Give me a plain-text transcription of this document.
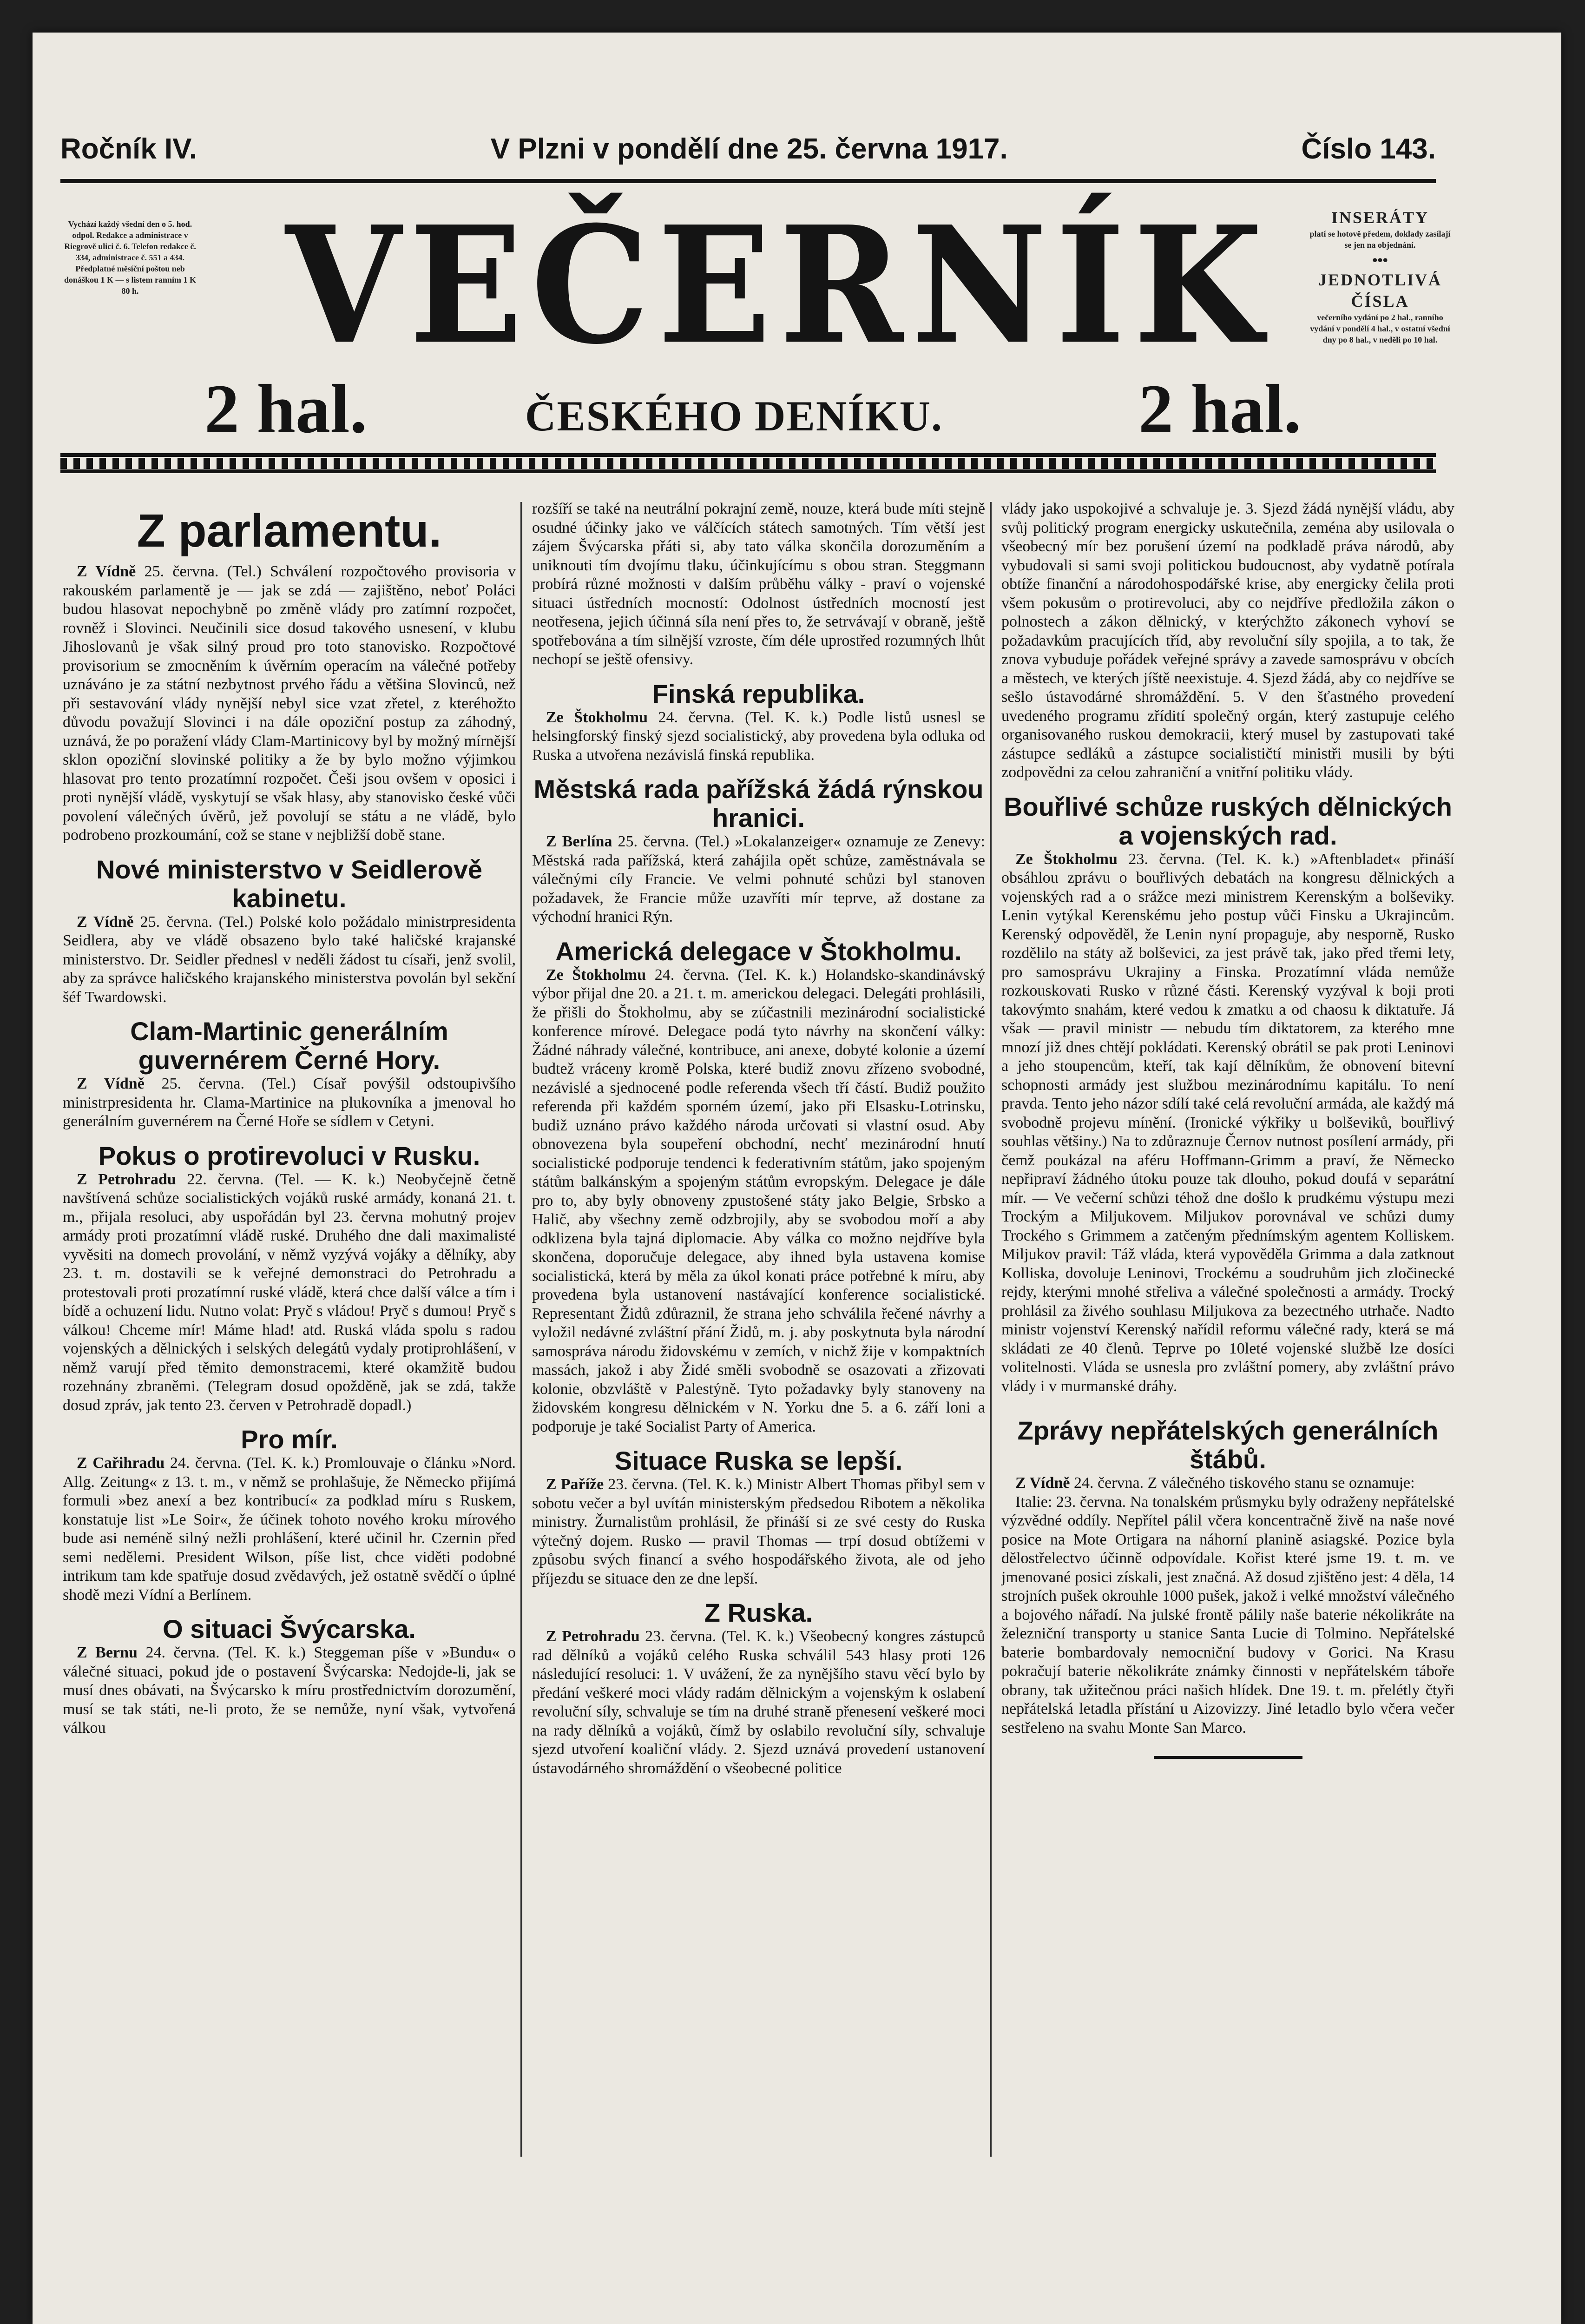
Ročník IV.	V Plzni v pondělí dne 25. června 1917.	Číslo 143.
Vychází každý všední den o 5. hod. odpol. Redakce a administrace v Riegrově ulici č. 6. Telefon redakce č. 334, administrace č. 551 a 434. Předplatné měsíční poštou neb donáškou 1 K — s listem ranním 1 K 80 h.
INSERÁTY
platí se hotově předem, doklady zasílají se jen na objednání.
•••
JEDNOTLIVÁ ČÍSLA
večerního vydání po 2 hal., ranního vydání v pondělí 4 hal., v ostatní všední dny po 8 hal., v neděli po 10 hal.
VEČERNÍK
2 hal.	ČESKÉHO DENÍKU.	2 hal.
Z parlamentu.

Z Vídně 25. června. (Tel.) Schválení rozpočtového provisoria v rakouském parlamentě je — jak se zdá — zajištěno, neboť Poláci budou hlasovat nepochybně po změně vlády pro zatímní rozpočet, rovněž i Slovinci. Neučinili sice dosud takového usnesení, v klubu Jihoslovanů je však silný proud pro toto stanovisko. Rozpočtové provisorium se zmocněním k úvěrním operacím na válečné potřeby uznáváno je za státní nezbytnost prvého řádu a většina Slovinců, než při sestavování vlády nynější nebyl sice vzat zřetel, z kteréhožto důvodu považují Slovinci i na dále opoziční postup za záhodný, uznává, že po poražení vlády Clam-Martinicovy byl by možný mírnější sklon opoziční slovinské politiky a že by bylo možno výjimkou hlasovat pro tento prozatímní rozpočet. Češi jsou ovšem v oposici i proti nynější vládě, vyskytují se však hlasy, aby stanovisko české vůči povolení válečných úvěrů, jež povolují se státu a ne vládě, bylo podrobeno prozkoumání, což se stane v nejbližší době stane.

Nové ministerstvo v Seidlerově kabinetu.

Z Vídně 25. června. (Tel.) Polské kolo požádalo ministrpresidenta Seidlera, aby ve vládě obsazeno bylo také haličské krajanské ministerstvo. Dr. Seidler přednesl v neděli žádost tu císaři, jenž svolil, aby za správce haličského krajanského ministerstva povolán byl sekční šéf Twardowski.

Clam-Martinic generálním guvernérem Černé Hory.

Z Vídně 25. června. (Tel.) Císař povýšil odstoupivšího ministrpresidenta hr. Clama-Martinice na plukovníka a jmenoval ho generálním guvernérem na Černé Hoře se sídlem v Cetyni.

Pokus o protirevoluci v Rusku.

Z Petrohradu 22. června. (Tel. — K. k.) Neobyčejně četně navštívená schůze socialistických vojáků ruské armády, konaná 21. t. m., přijala resoluci, aby uspořádán byl 23. června mohutný projev armády proti prozatímní vládě ruské. Druhého dne dali maximalisté vyvěsiti na domech provolání, v němž vyzývá vojáky a dělníky, aby 23. t. m. dostavili se k veřejné demonstraci do Petrohradu a protestovali proti prozatímní ruské vládě, která chce další válce a tím i bídě a ochuzení lidu. Nutno volat: Pryč s vládou! Pryč s dumou! Pryč s válkou! Chceme mír! Máme hlad! atd. Ruská vláda spolu s radou vojenských a dělnických i selských delegátů vydaly protiprohlášení, v němž varují před těmito demonstracemi, které okamžitě budou rozehnány zbraněmi. (Telegram dosud opožděně, jak se zdá, takže dosud zpráv, jak tento 23. červen v Petrohradě dopadl.)

Pro mír.

Z Cařihradu 24. června. (Tel. K. k.) Promlouvaje o článku »Nord. Allg. Zeitung« z 13. t. m., v němž se prohlašuje, že Německo přijímá formuli »bez anexí a bez kontribucí« za podklad míru s Ruskem, konstatuje list »Le Soir«, že účinek tohoto nového kroku mírového bude asi neméně silný nežli prohlášení, které učinil hr. Czernin před semi nedělemi. President Wilson, píše list, chce viděti podobné intrikum tam kde spatřuje dosud zvědavých, jež ostatně svědčí o úplné shodě mezi Vídní a Berlínem.

O situaci Švýcarska.

Z Bernu 24. června. (Tel. K. k.) Steggeman píše v »Bundu« o válečné situaci, pokud jde o postavení Švýcarska: Nedojde-li, jak se musí dnes obávati, na Švýcarsko k míru prostřednictvím dorozumění, musí se tak státi, ne-li proto, že se nemůže, nyní však, vytvořená válkou

rozšíří se také na neutrální pokrajní země, nouze, která bude míti stejně osudné účinky jako ve válčících státech samotných. Tím větší jest zájem Švýcarska přáti si, aby tato válka skončila dorozuměním a uniknouti tím dvojímu tlaku, účinkujícímu s obou stran. Steggmann probírá různé možnosti v dalším průběhu války - praví o vojenské situaci ústředních mocností: Odolnost ústředních mocností jest neotřesena, jejich účinná síla není přes to, že setrvávají v obraně, ještě spotřebována a tím silnější vzroste, čím déle uprostřed rozumných lhůt nechopí se ještě ofensivy.

Finská republika.

Ze Štokholmu 24. června. (Tel. K. k.) Podle listů usnesl se helsingforský finský sjezd socialistický, aby provedena byla odluka od Ruska a utvořena nezávislá finská republika.

Městská rada pařížská žádá rýnskou hranici.

Z Berlína 25. června. (Tel.) »Lokalanzeiger« oznamuje ze Zenevy: Městská rada pařížská, která zahájila opět schůze, zaměstnávala se válečnými cíly Francie. Ve velmi pohnuté schůzi byl stanoven požadavek, že Francie může uzavříti mír teprve, až dostane za východní hranici Rýn.

Americká delegace v Štokholmu.

Ze Štokholmu 24. června. (Tel. K. k.) Holandsko-skandinávský výbor přijal dne 20. a 21. t. m. americkou delegaci. Delegáti prohlásili, že přišli do Štokholmu, aby se zúčastnili mezinárodní socialistické konference mírové. Delegace podá tyto návrhy na skončení války: Žádné náhrady válečné, kontribuce, ani anexe, dobyté kolonie a území budtež vráceny kromě Polska, které budiž znovu zřízeno svobodné, nezávislé a sjednocené podle referenda všech tří částí. Budiž použito referenda při každém sporném území, jako při Elsasku-Lotrinsku, budiž uznáno právo každého národa určovati si vlastní osud. Aby obnovezena byla soupeření obchodní, nechť mezinárodní hnutí socialistické podporuje tendenci k federativním státům, jako spojeným státům balkánským a spojeným státům evropským. Delegace je dále pro to, aby byly obnoveny zpustošené státy jako Belgie, Srbsko a Halič, aby všechny země odzbrojily, aby se svobodou moří a aby odklizena byla tajná diplomacie. Aby válka co možno nejdříve byla skončena, doporučuje delegace, aby ihned byla ustavena komise socialistická, která by měla za úkol konati práce potřebné k míru, aby provedena byla ustanovení nastávající konference socialistické. Representant Židů zdůraznil, že strana jeho schválila řečené návrhy a vyložil nedávné zvláštní přání Židů, m. j. aby poskytnuta byla národní samospráva národu židovskému v zemích, v nichž žije v kompaktních massách, jakož i aby Židé směli svobodně se osazovati a zřizovati kolonie, obzvláště v Palestýně. Tyto požadavky byly stanoveny na židovském kongresu dělnickém v N. Yorku dne 5. a 6. září loni a podporuje je také Socialist Party of America.

Situace Ruska se lepší.

Z Paříže 23. června. (Tel. K. k.) Ministr Albert Thomas přibyl sem v sobotu večer a byl uvítán ministerským předsedou Ribotem a několika ministry. Žurnalistům prohlásil, že přináší si ze své cesty do Ruska výtečný dojem. Rusko — pravil Thomas — trpí dosud obtížemi v způsobu svých financí a svého hospodářského života, ale od jeho příjezdu se situace den ze dne lepší.

Z Ruska.

Z Petrohradu 23. června. (Tel. K. k.) Všeobecný kongres zástupců rad dělníků a vojáků celého Ruska schválil 543 hlasy proti 126 následující resoluci: 1. V uvážení, že za nynějšího stavu věcí bylo by předání veškeré moci vlády radám dělnickým a vojenským k oslabení revoluční síly, schvaluje se tím na druhé straně přenesení veškeré moci na rady dělníků a vojáků, čímž by oslabilo revoluční síly, schvaluje sjezd utvoření koaliční vlády. 2. Sjezd uznává provedení ustanovení ústavodárného shromáždění o všeobecné politice

vlády jako uspokojivé a schvaluje je. 3. Sjezd žádá nynější vládu, aby svůj politický program energicky uskutečnila, zeména aby usilovala o všeobecný mír bez porušení území na podkladě práva národů, aby vybudovali si sami svoji politickou budoucnost, aby vydatně potírala obtíže finanční a národohospodářské krise, aby energicky čelila proti všem pokusům o protirevoluci, aby co nejdříve předložila zákon o polnostech a zákon dělnický, v kterýchžto zákonech vyhoví se požadavkům pracujících tříd, aby revoluční síly spojila, a to tak, že znova vybuduje pořádek veřejné správy a zavede samosprávu v obcích a městech, ve kterých jíště neexistuje. 4. Sjezd žádá, aby co nejdříve se sešlo ústavodárné shromáždění. 5. V den šťastného provedení uvedeného programu zřídití společný orgán, který zastupuje celého organisovaného ruskou demokracii, který musel by zastupovati také zástupce sedláků a zástupce socialističtí ministři musili by býti zodpovědni za celou zahraniční a vnitřní politiku vlády.

Bouřlivé schůze ruských dělnických a vojenských rad.

Ze Štokholmu 23. června. (Tel. K. k.) »Aftenbladet« přináší obsáhlou zprávu o bouřlivých debatách na kongresu dělnických a vojenských rad a o srážce mezi ministrem Kerenským a bolševiky. Lenin vytýkal Kerenskému jeho postup vůči Finsku a Ukrajincům. Kerenský odpověděl, že Lenin nyní propaguje, aby nesporně, Rusko rozdělilo na státy až bolševici, za jest právě tak, jako před třemi lety, pro samosprávu Ukrajiny a Finska. Prozatímní vláda nemůže rozkouskovati Rusko v různé části. Kerenský vyzýval k boji proti takovýmto snahám, které vedou k zmatku a od chaosu k diktatuře. Já však — pravil ministr — nebudu tím diktatorem, za kterého mne mnozí již dnes chtějí pokládati. Kerenský obrátil se pak proti Leninovi a jeho stoupencům, kteří, tak kají dělníkům, že obnovení bitevní schopnosti armády jest službou mezinárodnímu kapitálu. To není pravda. Tento jeho názor sdílí také celá revoluční armáda, ale každý má svobodně projevu mínění. (Ironické výkřiky u bolševiků, bouřlivý souhlas většiny.) Na to zdůraznuje Černov nutnost posílení armády, při čemž poukázal na aféru Hoffmann-Grimm a praví, že Německo nepřipraví žádného útoku pouze tak dlouho, pokud doufá v separátní mír. — Ve večerní schůzi téhož dne došlo k prudkému výstupu mezi Trockým a Miljukovem. Miljukov porovnával ve schůzi dumy Trockého s Grimmem a zatčeným přednímským agentem Kolliskem. Miljukov pravil: Táž vláda, která vypověděla Grimma a dala zatknout Kolliska, dovoluje Leninovi, Trockému a soudruhům jich zločinecké rejdy, kterými mnohé střeliva a válečné společnosti a armády. Trocký prohlásil za živého souhlasu Miljukova za bezectného utrhače. Nadto ministr vojenství Kerenský nařídil reformu válečné rady, která se má skládati ze 40 členů. Teprve po 10leté vojenské službě lze dosíci volitelnosti. Vláda se usnesla pro zvláštní pomery, aby zvláštní právo vlády i v murmanské dráhy.

Zprávy nepřátelských generálních štábů.

Z Vídně 24. června. Z válečného tiskového stanu se oznamuje:

Italie: 23. června. Na tonalském průsmyku byly odraženy nepřátelské výzvědné oddíly. Nepřítel pálil včera koncentračně živě na naše nové posice na Mote Ortigara na náhorní planině asiagské. Pozice byla dělostřelectvo účinně odpovídale. Kořist které jsme 19. t. m. ve jmenované posici získali, jest značná. Až dosud zjištěno jest: 4 děla, 14 strojních pušek okrouhle 1000 pušek, jakož i velké množství válečného a bojového nářadí. Na julské frontě pálily naše baterie nékolikráte na železniční transporty u stanice Santa Lucie di Tolmino. Nepřátelské baterie bombardovaly nemocniční budovy v Gorici. Na Krasu pokračují baterie několikráte známky činnosti v nepřátelském táboře obrany, tak užitečnou práci našich hlídek. Dne 19. t. m. přelétly čtyři nepřátelská letadla přístání u Aizovizzy. Jiné letadlo bylo včera večer sestřeleno na svahu Monte San Marco.
